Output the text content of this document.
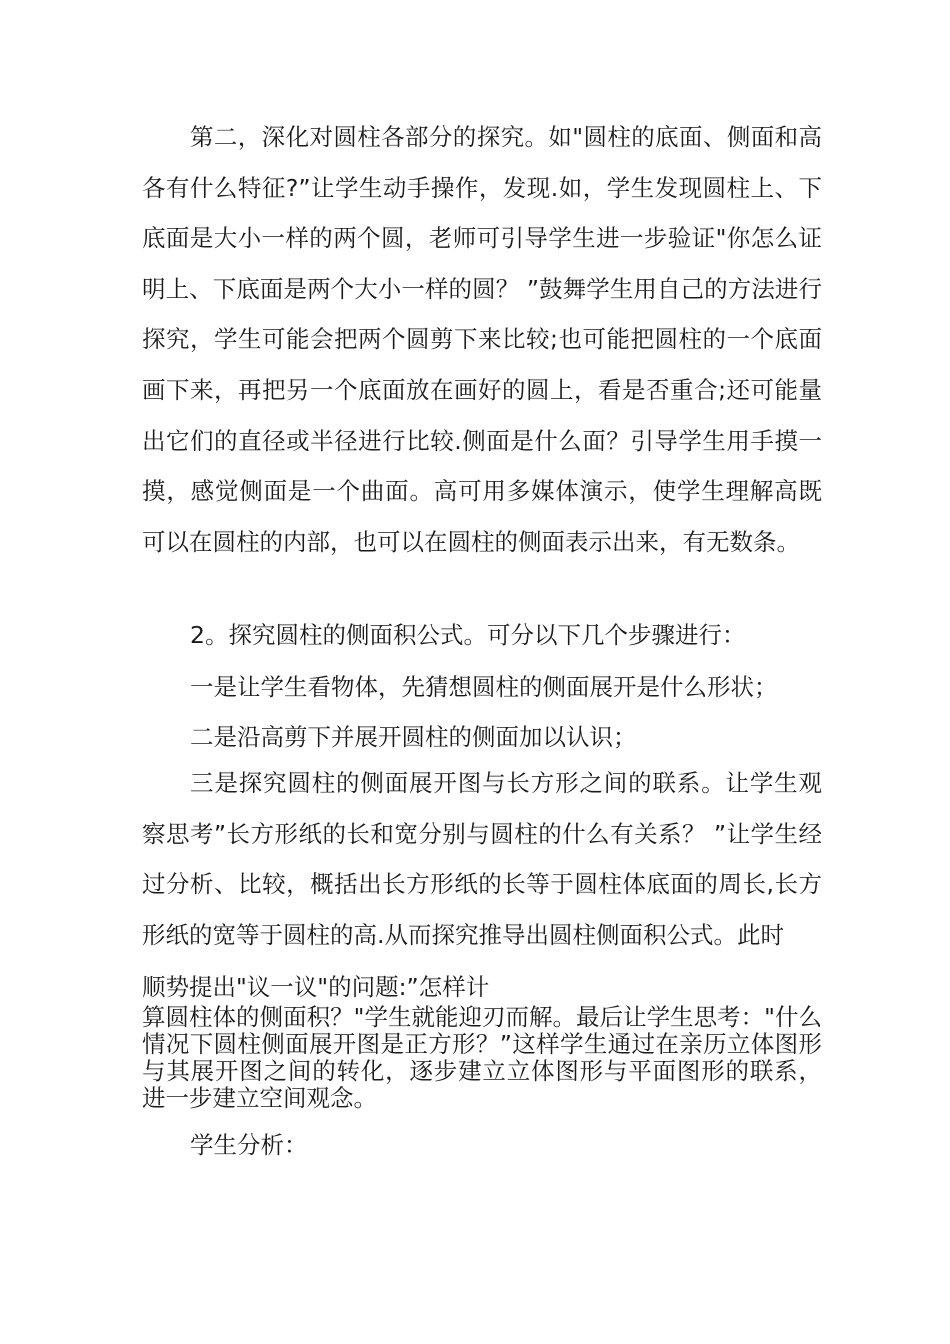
第二，深化对圆柱各部分的探究。如"圆柱的底面、侧面和高各有什么特征?”让学生动手操作，发现.如，学生发现圆柱上、下底面是大小一样的两个圆，老师可引导学生进一步验证"你怎么证明上、下底面是两个大小一样的圆？ ”鼓舞学生用自己的方法进行探究，学生可能会把两个圆剪下来比较;也可能把圆柱的一个底面画下来，再把另一个底面放在画好的圆上，看是否重合;还可能量出它们的直径或半径进行比较.侧面是什么面？引导学生用手摸一摸，感觉侧面是一个曲面。高可用多媒体演示，使学生理解高既可以在圆柱的内部，也可以在圆柱的侧面表示出来，有无数条。

2。探究圆柱的侧面积公式。可分以下几个步骤进行：

一是让学生看物体，先猜想圆柱的侧面展开是什么形状；

二是沿高剪下并展开圆柱的侧面加以认识；

三是探究圆柱的侧面展开图与长方形之间的联系。让学生观察思考”长方形纸的长和宽分别与圆柱的什么有关系？ ”让学生经过分析、比较，概括出长方形纸的长等于圆柱体底面的周长,长方形纸的宽等于圆柱的高.从而探究推导出圆柱侧面积公式。此时

顺势提出"议一议"的问题:”怎样计

算圆柱体的侧面积？"学生就能迎刃而解。最后让学生思考："什么情况下圆柱侧面展开图是正方形？”这样学生通过在亲历立体图形与其展开图之间的转化，逐步建立立体图形与平面图形的联系，进一步建立空间观念。

学生分析：
